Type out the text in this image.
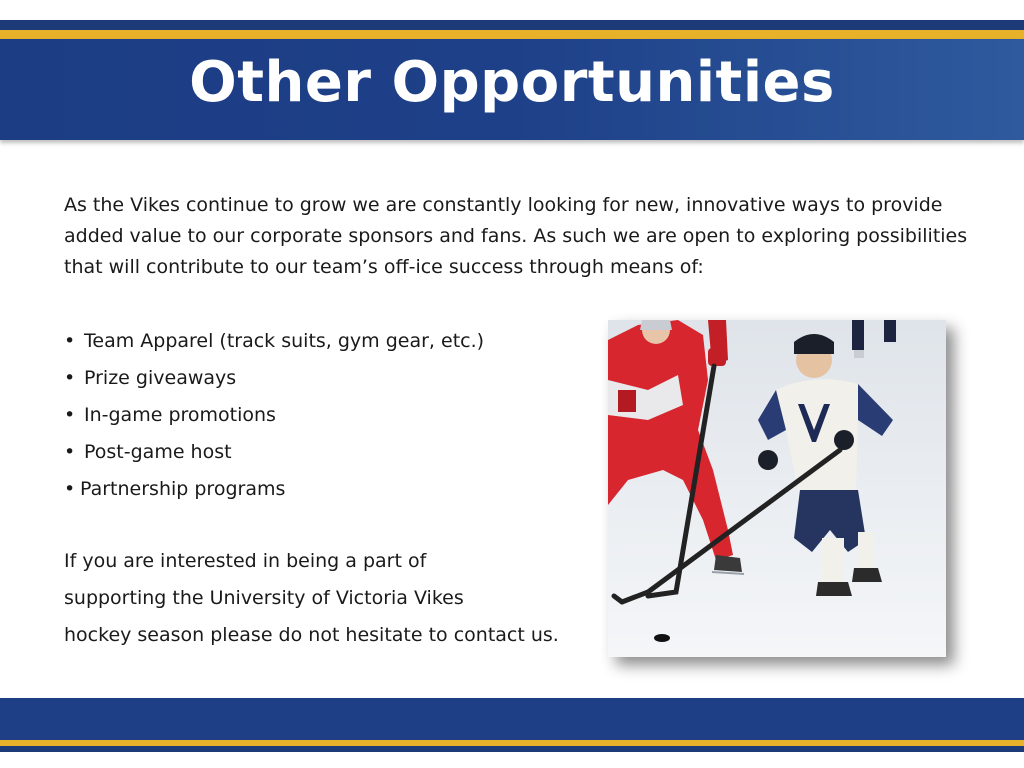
Other Opportunities

As the Vikes continue to grow we are constantly looking for new, innovative ways to provide added value to our corporate sponsors and fans. As such we are open to exploring possibilities that will contribute to our team’s off-ice success through means of:

• Team Apparel (track suits, gym gear, etc.)
• Prize giveaways
• In-game promotions
• Post-game host
• Partnership programs
If you are interested in being a part of
supporting the University of Victoria Vikes
hockey season please do not hesitate to contact us.
